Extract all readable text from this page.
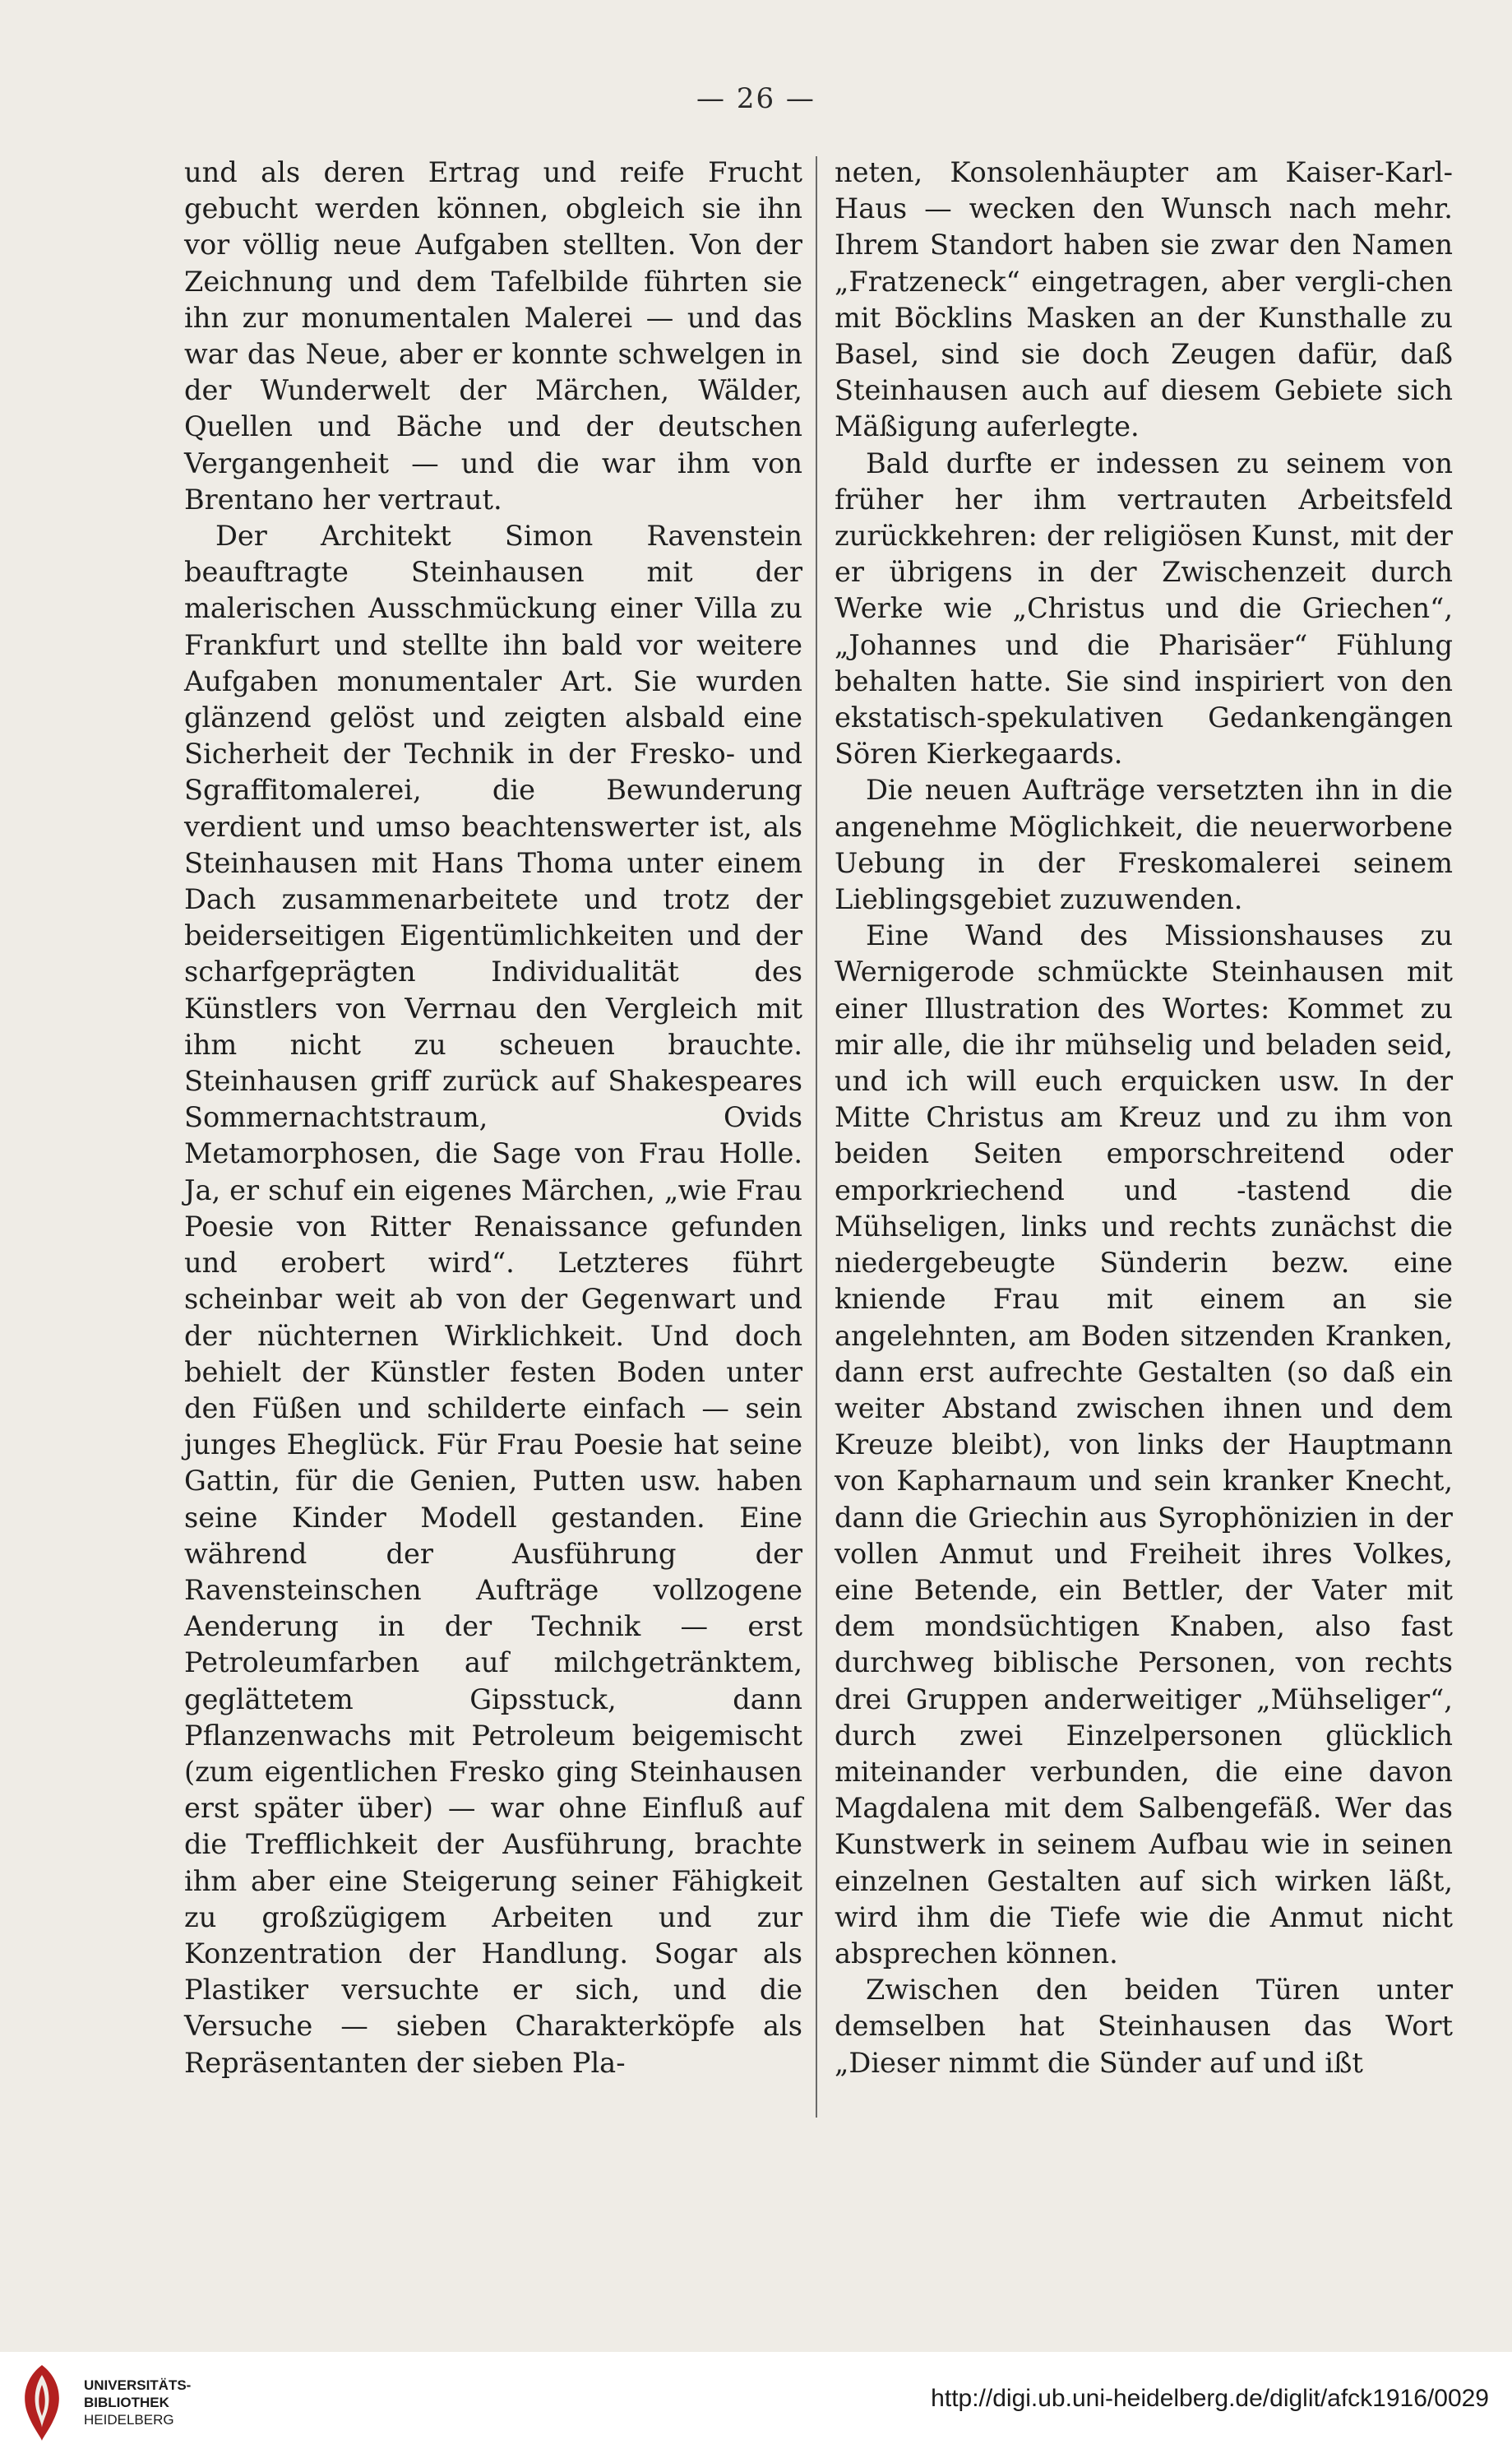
— 26 —

und als deren Ertrag und reife Frucht gebucht werden können, obgleich sie ihn vor völlig neue Aufgaben stellten. Von der Zeichnung und dem Tafelbilde führten sie ihn zur monumentalen Malerei — und das war das Neue, aber er konnte schwelgen in der Wunderwelt der Märchen, Wälder, Quellen und Bäche und der deutschen Vergangenheit — und die war ihm von Brentano her vertraut.

Der Architekt Simon Ravenstein beauftragte Steinhausen mit der malerischen Ausschmückung einer Villa zu Frankfurt und stellte ihn bald vor weitere Aufgaben monumentaler Art. Sie wurden glänzend gelöst und zeigten alsbald eine Sicherheit der Technik in der Fresko- und Sgraffitomalerei, die Bewunderung verdient und umso beachtenswerter ist, als Steinhausen mit Hans Thoma unter einem Dach zusammenarbeitete und trotz der beiderseitigen Eigentümlichkeiten und der scharfgeprägten Individualität des Künstlers von Verrnau den Vergleich mit ihm nicht zu scheuen brauchte. Steinhausen griff zurück auf Shakespeares Sommernachtstraum, Ovids Metamorphosen, die Sage von Frau Holle. Ja, er schuf ein eigenes Märchen, „wie Frau Poesie von Ritter Renaissance gefunden und erobert wird“. Letzteres führt scheinbar weit ab von der Gegenwart und der nüchternen Wirklichkeit. Und doch behielt der Künstler festen Boden unter den Füßen und schilderte einfach — sein junges Eheglück. Für Frau Poesie hat seine Gattin, für die Genien, Putten usw. haben seine Kinder Modell gestanden. Eine während der Ausführung der Ravensteinschen Aufträge vollzogene Aenderung in der Technik — erst Petroleumfarben auf milchgetränktem, geglättetem Gipsstuck, dann Pflanzenwachs mit Petroleum beigemischt (zum eigentlichen Fresko ging Steinhausen erst später über) — war ohne Einfluß auf die Trefflichkeit der Ausführung, brachte ihm aber eine Steigerung seiner Fähigkeit zu großzügigem Arbeiten und zur Konzentration der Handlung. Sogar als Plastiker versuchte er sich, und die Versuche — sieben Charakterköpfe als Repräsentanten der sieben Pla-

neten, Konsolenhäupter am Kaiser-Karl-Haus — wecken den Wunsch nach mehr. Ihrem Standort haben sie zwar den Namen „Fratzeneck“ eingetragen, aber vergli-chen mit Böcklins Masken an der Kunsthalle zu Basel, sind sie doch Zeugen dafür, daß Steinhausen auch auf diesem Gebiete sich Mäßigung auferlegte.

Bald durfte er indessen zu seinem von früher her ihm vertrauten Arbeitsfeld zurückkehren: der religiösen Kunst, mit der er übrigens in der Zwischenzeit durch Werke wie „Christus und die Griechen“, „Johannes und die Pharisäer“ Fühlung behalten hatte. Sie sind inspiriert von den ekstatisch-spekulativen Gedankengängen Sören Kierkegaards.

Die neuen Aufträge versetzten ihn in die angenehme Möglichkeit, die neuerworbene Uebung in der Freskomalerei seinem Lieblingsgebiet zuzuwenden.

Eine Wand des Missionshauses zu Wernigerode schmückte Steinhausen mit einer Illustration des Wortes: Kommet zu mir alle, die ihr mühselig und beladen seid, und ich will euch erquicken usw. In der Mitte Christus am Kreuz und zu ihm von beiden Seiten emporschreitend oder emporkriechend und -tastend die Mühseligen, links und rechts zunächst die niedergebeugte Sünderin bezw. eine kniende Frau mit einem an sie angelehnten, am Boden sitzenden Kranken, dann erst aufrechte Gestalten (so daß ein weiter Abstand zwischen ihnen und dem Kreuze bleibt), von links der Hauptmann von Kapharnaum und sein kranker Knecht, dann die Griechin aus Syrophönizien in der vollen Anmut und Freiheit ihres Volkes, eine Betende, ein Bettler, der Vater mit dem mondsüchtigen Knaben, also fast durchweg biblische Personen, von rechts drei Gruppen anderweitiger „Mühseliger“, durch zwei Einzelpersonen glücklich miteinander verbunden, die eine davon Magdalena mit dem Salbengefäß. Wer das Kunstwerk in seinem Aufbau wie in seinen einzelnen Gestalten auf sich wirken läßt, wird ihm die Tiefe wie die Anmut nicht absprechen können.

Zwischen den beiden Türen unter demselben hat Steinhausen das Wort „Dieser nimmt die Sünder auf und ißt

UNIVERSITÄTS-
BIBLIOTHEK
HEIDELBERG
http://digi.ub.uni-heidelberg.de/diglit/afck1916/0029
